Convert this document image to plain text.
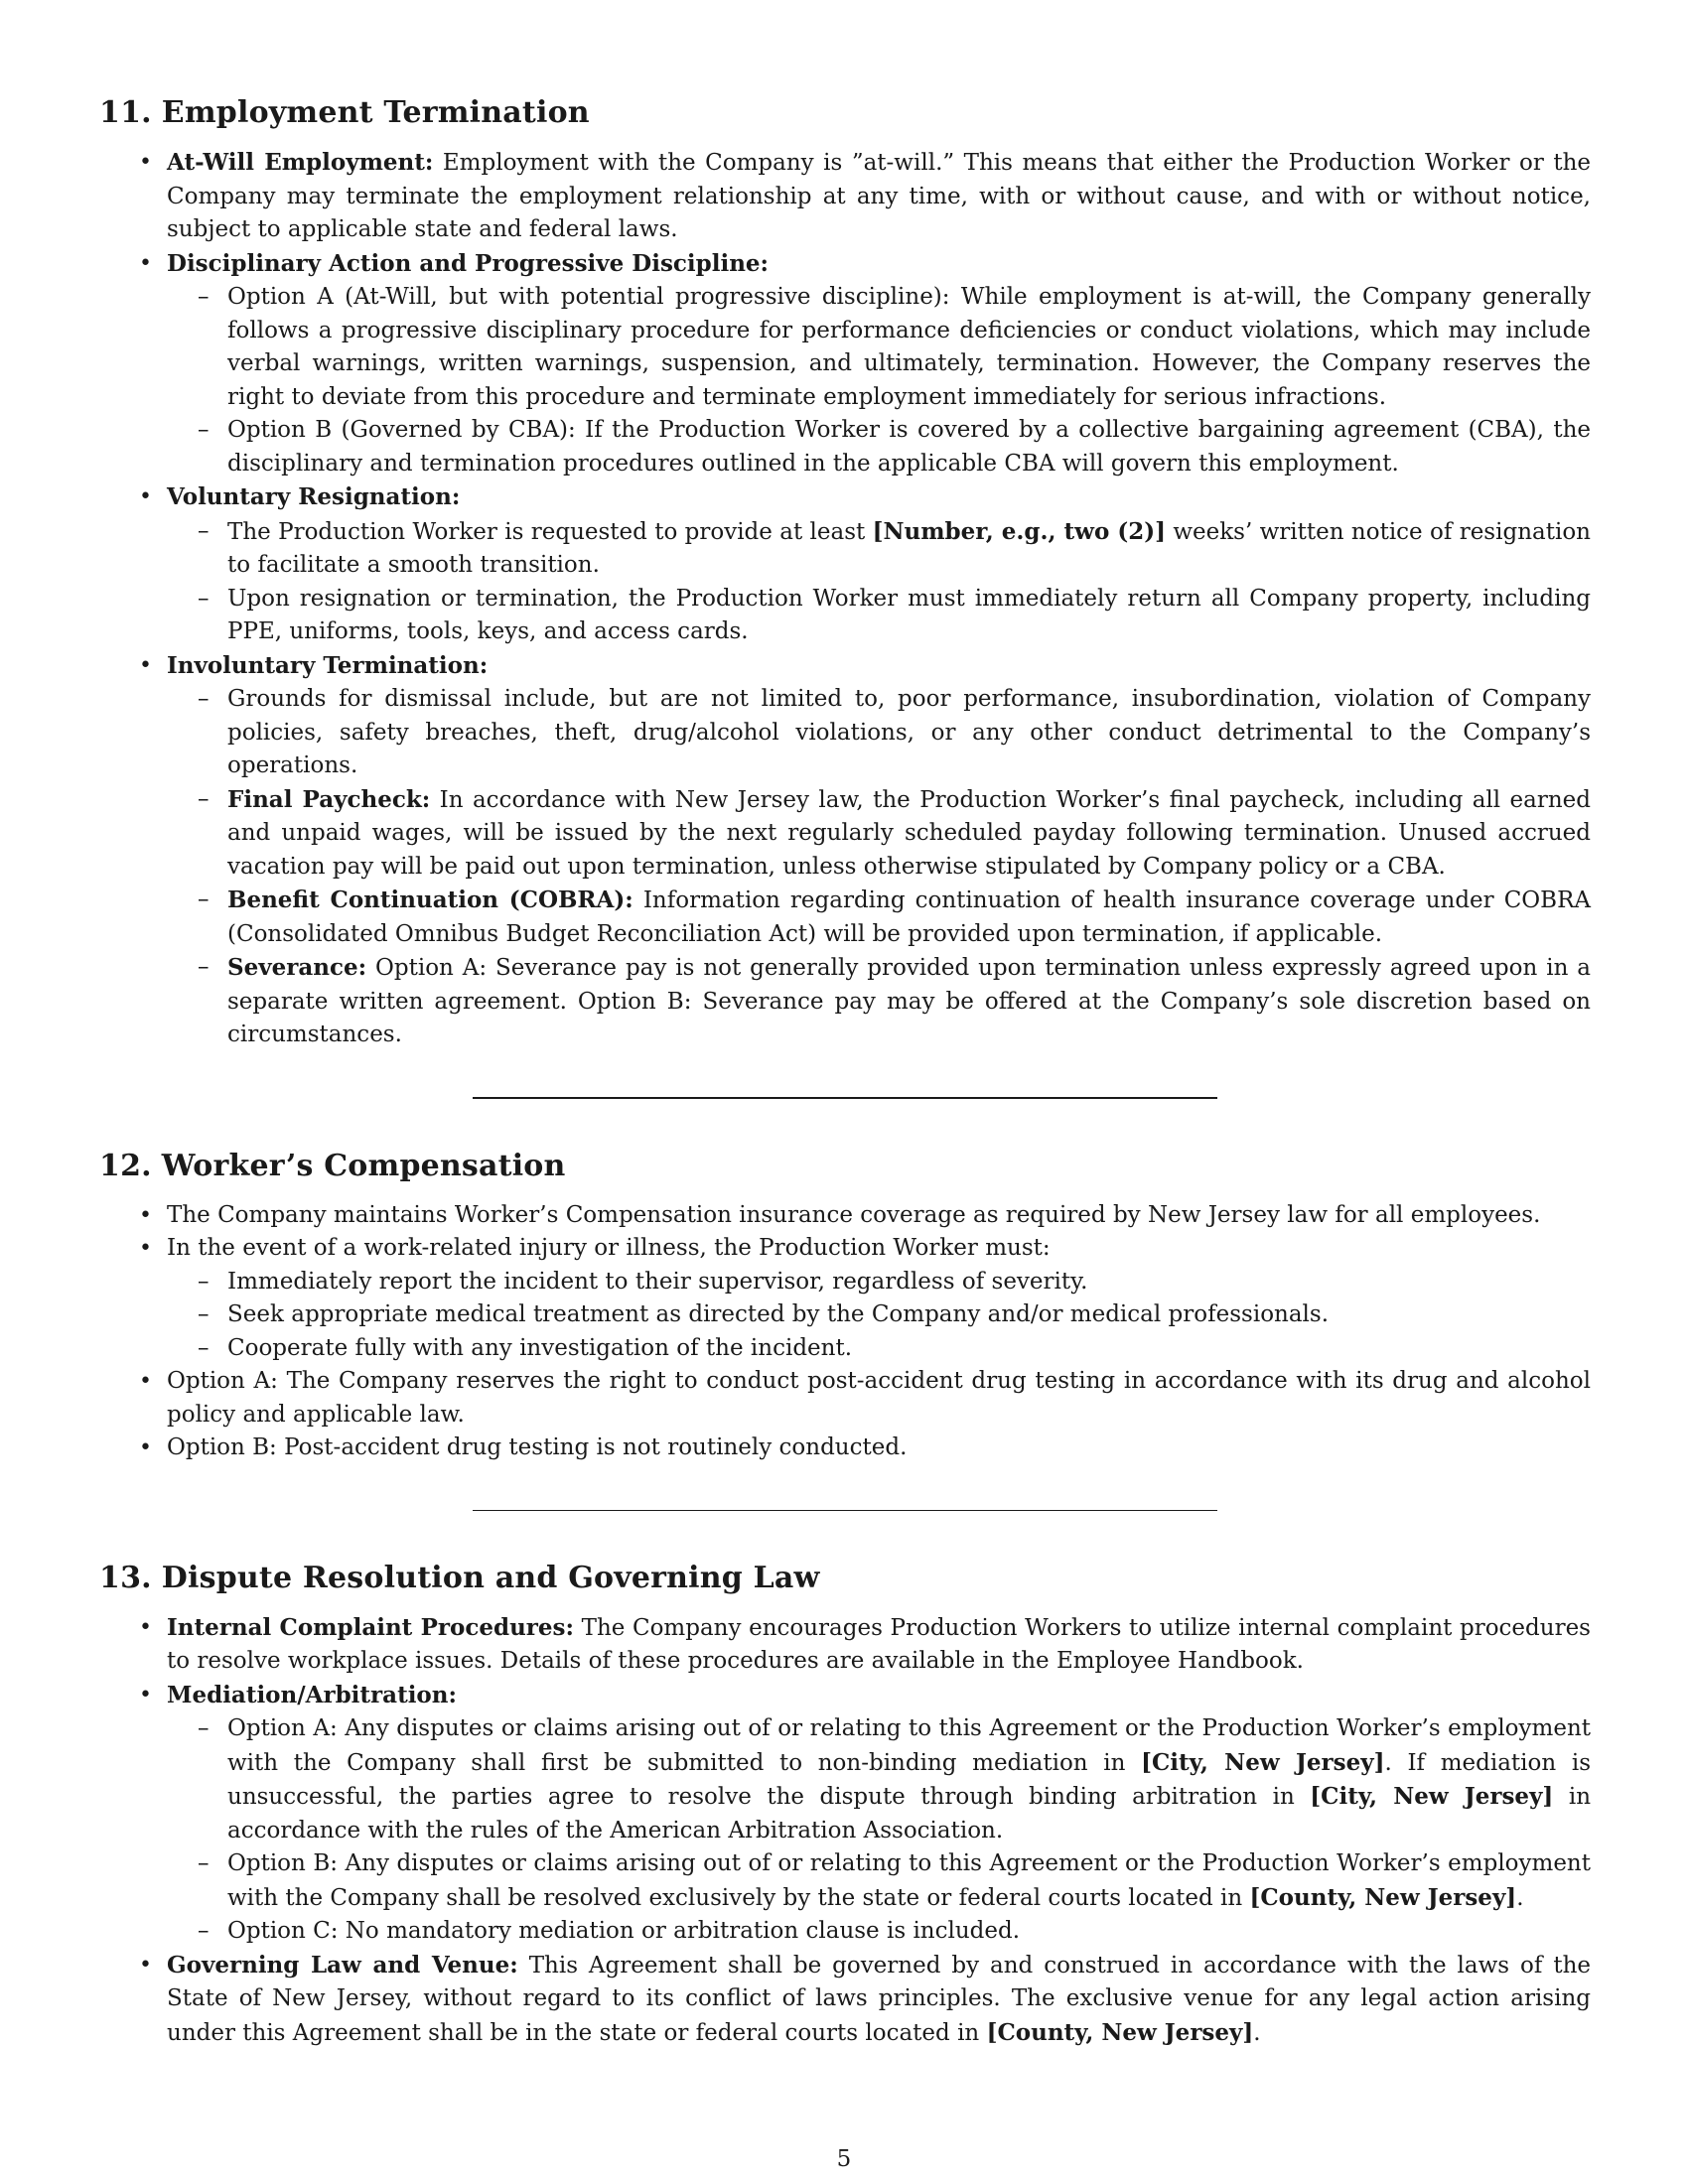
11. Employment Termination
• At-Will Employment: Employment with the Company is ”at-will.” This means that either the Production Worker or the Company may terminate the employment relationship at any time, with or without cause, and with or without notice, subject to applicable state and federal laws.
• Disciplinary Action and Progressive Discipline:
– Option A (At-Will, but with potential progressive discipline): While employment is at-will, the Company generally follows a progressive disciplinary procedure for performance deficiencies or conduct violations, which may include verbal warnings, written warnings, suspension, and ultimately, termination. However, the Company reserves the right to deviate from this procedure and terminate employment immediately for serious infractions.
– Option B (Governed by CBA): If the Production Worker is covered by a collective bargaining agreement (CBA), the disciplinary and termination procedures outlined in the applicable CBA will govern this employment.
• Voluntary Resignation:
– The Production Worker is requested to provide at least [Number, e.g., two (2)] weeks’ written notice of resignation to facilitate a smooth transition.
– Upon resignation or termination, the Production Worker must immediately return all Company property, including PPE, uniforms, tools, keys, and access cards.
• Involuntary Termination:
– Grounds for dismissal include, but are not limited to, poor performance, insubordination, violation of Company policies, safety breaches, theft, drug/alcohol violations, or any other conduct detrimental to the Company’s operations.
– Final Paycheck: In accordance with New Jersey law, the Production Worker’s final paycheck, including all earned and unpaid wages, will be issued by the next regularly scheduled payday following termination. Unused accrued vacation pay will be paid out upon termination, unless otherwise stipulated by Company policy or a CBA.
– Benefit Continuation (COBRA): Information regarding continuation of health insurance coverage under COBRA (Consolidated Omnibus Budget Reconciliation Act) will be provided upon termination, if applicable.
– Severance: Option A: Severance pay is not generally provided upon termination unless expressly agreed upon in a separate written agreement. Option B: Severance pay may be offered at the Company’s sole discretion based on circumstances.
12. Worker’s Compensation
• The Company maintains Worker’s Compensation insurance coverage as required by New Jersey law for all employees.
• In the event of a work-related injury or illness, the Production Worker must:
– Immediately report the incident to their supervisor, regardless of severity.
– Seek appropriate medical treatment as directed by the Company and/or medical professionals.
– Cooperate fully with any investigation of the incident.
• Option A: The Company reserves the right to conduct post-accident drug testing in accordance with its drug and alcohol policy and applicable law.
• Option B: Post-accident drug testing is not routinely conducted.
13. Dispute Resolution and Governing Law
• Internal Complaint Procedures: The Company encourages Production Workers to utilize internal complaint procedures to resolve workplace issues. Details of these procedures are available in the Employee Handbook.
• Mediation/Arbitration:
– Option A: Any disputes or claims arising out of or relating to this Agreement or the Production Worker’s employment with the Company shall first be submitted to non-binding mediation in [City, New Jersey]. If mediation is unsuccessful, the parties agree to resolve the dispute through binding arbitration in [City, New Jersey] in accordance with the rules of the American Arbitration Association.
– Option B: Any disputes or claims arising out of or relating to this Agreement or the Production Worker’s employment with the Company shall be resolved exclusively by the state or federal courts located in [County, New Jersey].
– Option C: No mandatory mediation or arbitration clause is included.
• Governing Law and Venue: This Agreement shall be governed by and construed in accordance with the laws of the State of New Jersey, without regard to its conflict of laws principles. The exclusive venue for any legal action arising under this Agreement shall be in the state or federal courts located in [County, New Jersey].
5
